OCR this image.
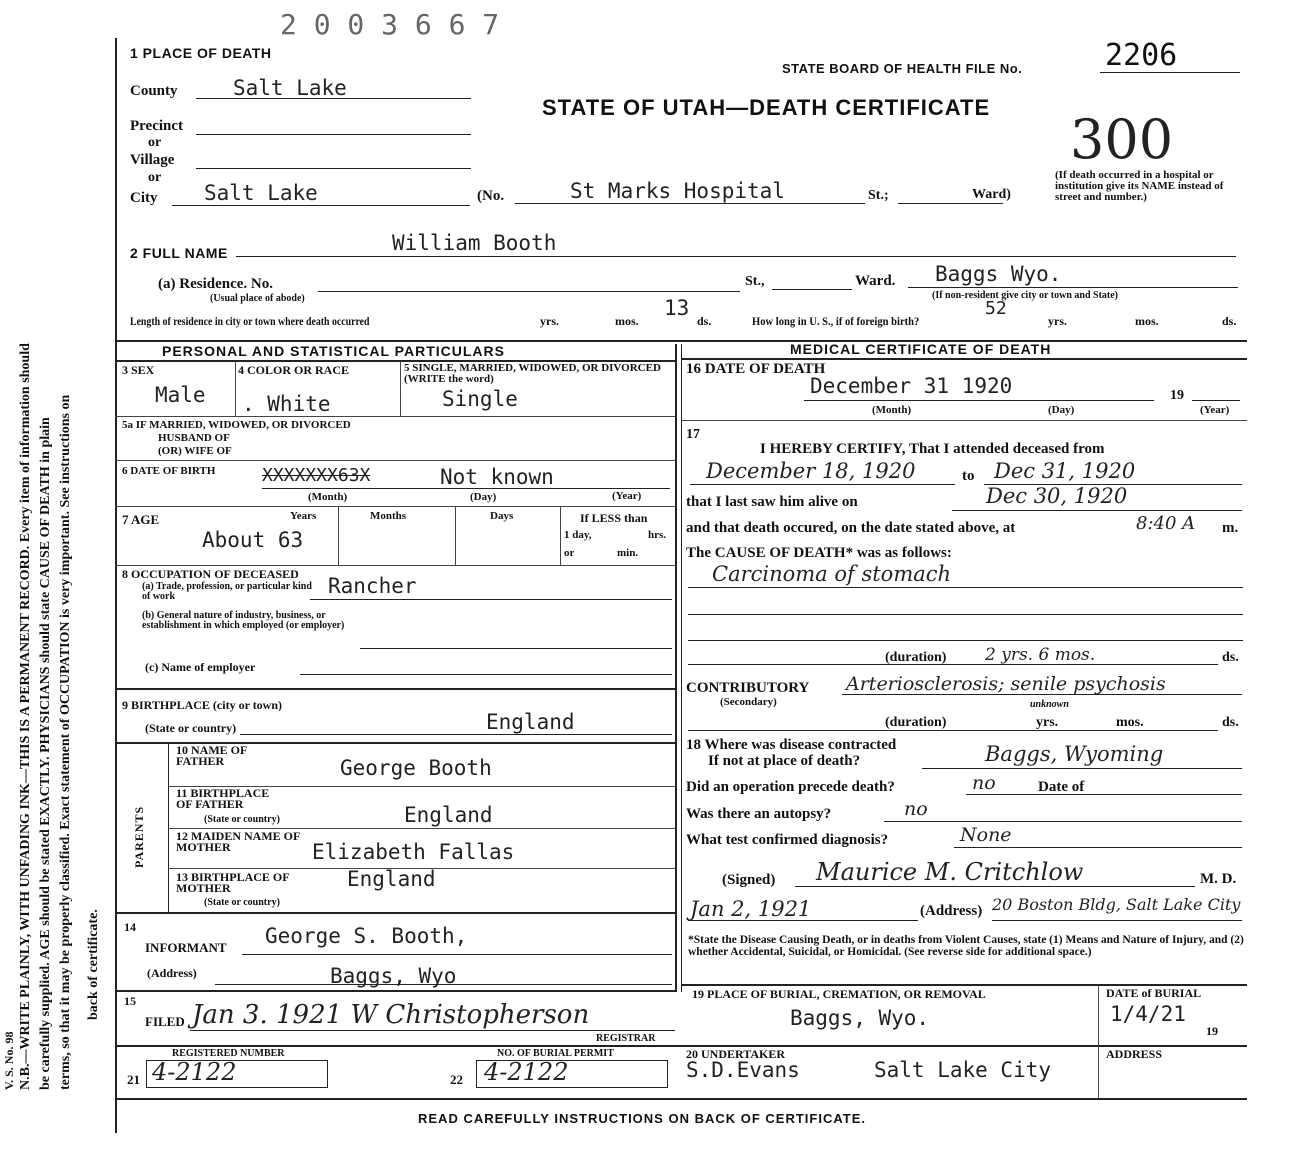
N.B.—WRITE PLAINLY, WITH UNFADING INK—THIS IS A PERMANENT RECORD. Every item of information should be carefully supplied. AGE should be stated EXACTLY. PHYSICIANS should state CAUSE OF DEATH in plain terms, so that it may be properly classified. Exact statement of OCCUPATION is very important. See instructions on back of certificate.
V. S. No. 98
2 0 0 3 6 6 7
1 PLACE OF DEATH
STATE BOARD OF HEALTH FILE No.	2206
STATE OF UTAH—DEATH CERTIFICATE
300
County	Salt Lake
Precinct
or
Village
or
City Salt Lake	(No.	St Marks Hospital	St.;	Ward)
(If death occurred in a hospital or institution give its NAME instead of street and number.)
2 FULL NAME	William Booth
(a) Residence. No.
(Usual place of abode)
St.,	Ward. Baggs Wyo.
(If non-resident give city or town and State)
Length of residence in city or town where death occurred	yrs.	mos.
13
ds.	How long in U. S., if of foreign birth?
52
yrs.	mos.	ds.
PERSONAL AND STATISTICAL PARTICULARS	MEDICAL CERTIFICATE OF DEATH
3 SEX
Male
4 COLOR OR RACE
. White
5 SINGLE, MARRIED, WIDOWED, OR DIVORCED (WRITE the word)
Single
5a IF MARRIED, WIDOWED, OR DIVORCED
HUSBAND OF
(OR) WIFE OF
6 DATE OF BIRTH	XXXXXXX63X	Not known
(Month)	(Day)	(Year)
7 AGE	Years
About 63
Months	Days	If LESS than
1 day,	hrs.
or	min.
8 OCCUPATION OF DECEASED
(a) Trade, profession, or particular kind of work	Rancher
(b) General nature of industry, business, or establishment in which employed (or employer)
(c) Name of employer
9 BIRTHPLACE (city or town)
(State or country)	England
PARENTS
10 NAME OF FATHER	George Booth
11 BIRTHPLACE OF FATHER
(State or country)	England
12 MAIDEN NAME OF MOTHER	Elizabeth Fallas
13 BIRTHPLACE OF MOTHER
(State or country)
England
14
INFORMANT George S. Booth,
(Address)	Baggs, Wyo
15
FILED Jan 3. 1921 W Christopherson
REGISTRAR
REGISTERED NUMBER
21 4-2122
NO. OF BURIAL PERMIT
22 4-2122
16 DATE OF DEATH
December 31 1920	19
(Month)	(Day)	(Year)
17
I HEREBY CERTIFY, That I attended deceased from
December 18, 1920	to Dec 31, 1920
that I last saw him alive on	Dec 30, 1920
and that death occured, on the date stated above, at	8:40 A m.
The CAUSE OF DEATH* was as follows:
Carcinoma of stomach
(duration) 2 yrs. 6 mos.	ds.
CONTRIBUTORY
(Secondary)
Arteriosclerosis; senile psychosis
unknown
(duration)	yrs.	mos.	ds.
18 Where was disease contracted
If not at place of death?	Baggs, Wyoming
Did an operation precede death?	no	Date of
Was there an autopsy?	no
What test confirmed diagnosis?	None
(Signed) Maurice M. Critchlow	M. D.
Jan 2, 1921	(Address) 20 Boston Bldg, Salt Lake City
*State the Disease Causing Death, or in deaths from Violent Causes, state (1) Means and Nature of Injury, and (2) whether Accidental, Suicidal, or Homicidal. (See reverse side for additional space.)
19 PLACE OF BURIAL, CREMATION, OR REMOVAL
Baggs, Wyo.
DATE of BURIAL
1/4/21
19
20 UNDERTAKER
S.D.Evans	Salt Lake City
ADDRESS
READ CAREFULLY INSTRUCTIONS ON BACK OF CERTIFICATE.
